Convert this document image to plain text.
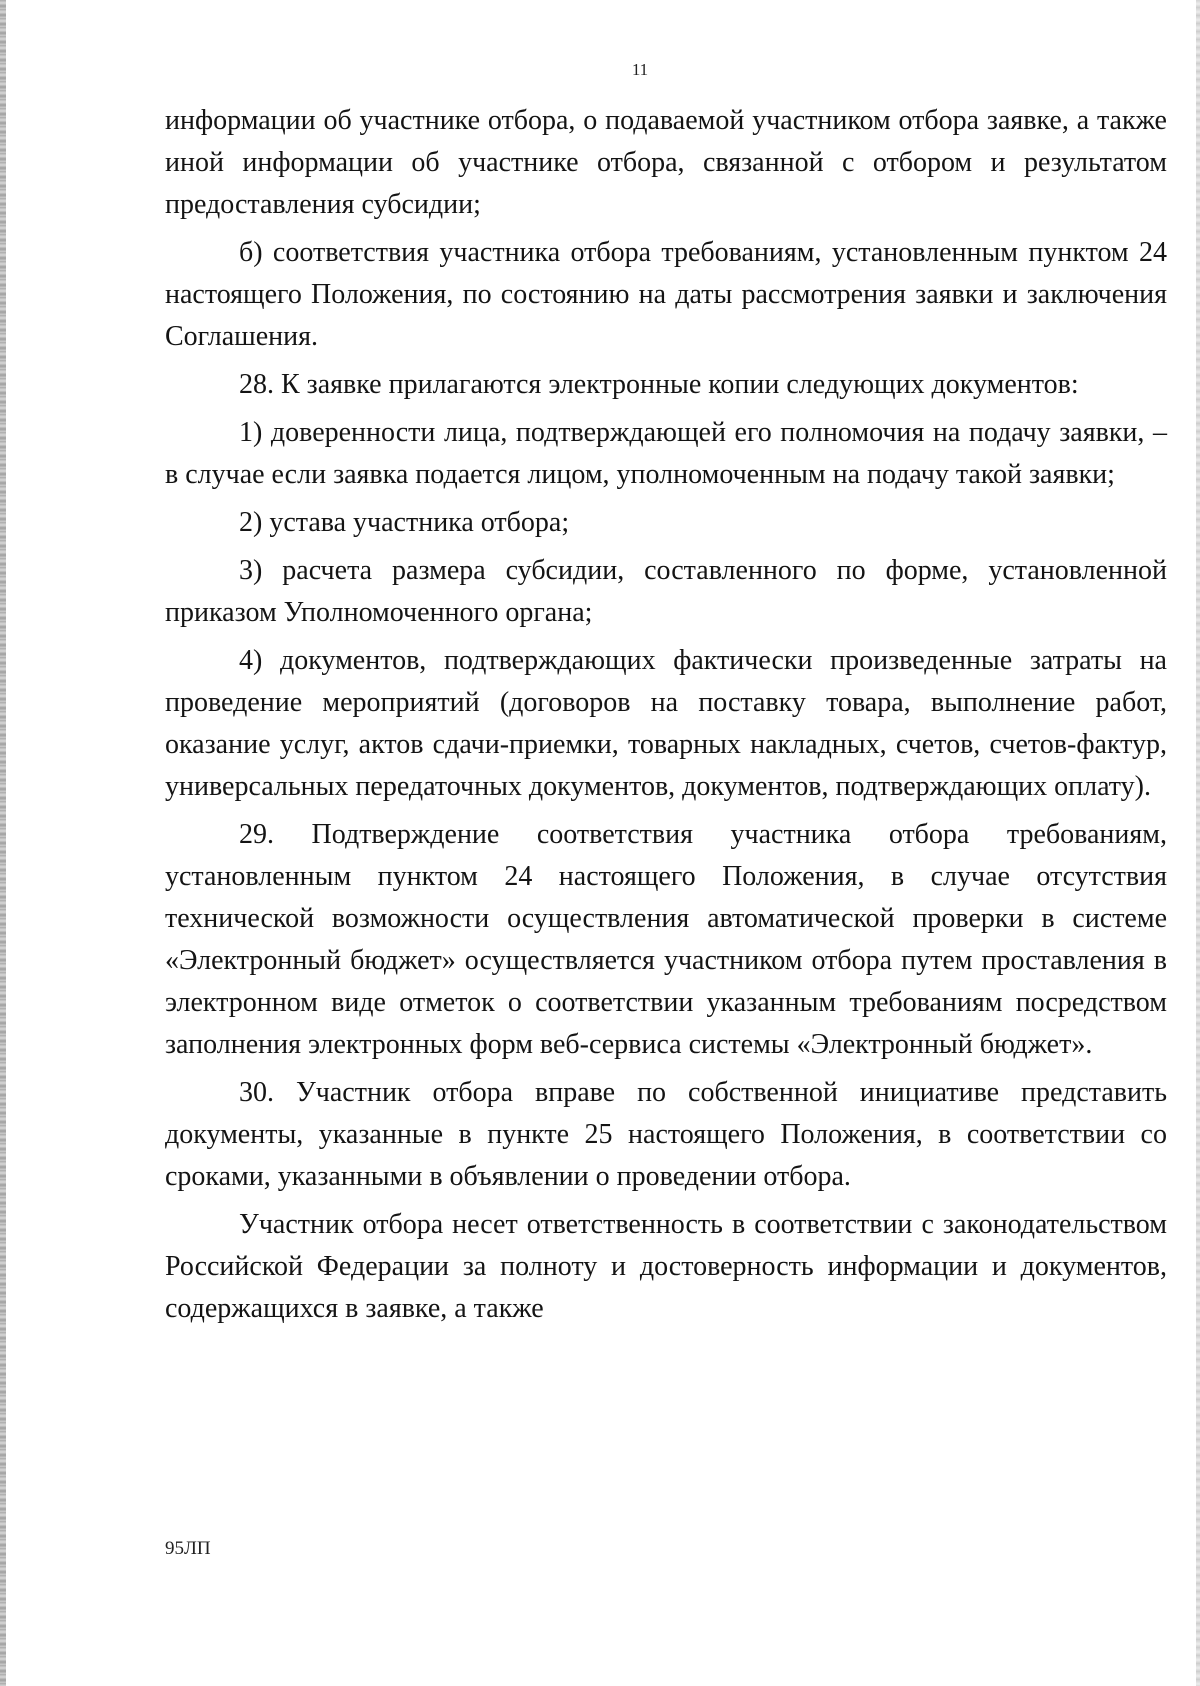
11

информации об участнике отбора, о подаваемой участником отбора заявке, а также иной информации об участнике отбора, связанной с отбором и результатом предоставления субсидии;

б) соответствия участника отбора требованиям, установленным пунктом 24 настоящего Положения, по состоянию на даты рассмотрения заявки и заключения Соглашения.

28. К заявке прилагаются электронные копии следующих документов:

1) доверенности лица, подтверждающей его полномочия на подачу заявки, – в случае если заявка подается лицом, уполномоченным на подачу такой заявки;

2) устава участника отбора;

3) расчета размера субсидии, составленного по форме, установленной приказом Уполномоченного органа;

4) документов, подтверждающих фактически произведенные затраты на проведение мероприятий (договоров на поставку товара, выполнение работ, оказание услуг, актов сдачи-приемки, товарных накладных, счетов, счетов-фактур, универсальных передаточных документов, документов, подтверждающих оплату).

29. Подтверждение соответствия участника отбора требованиям, установленным пунктом 24 настоящего Положения, в случае отсутствия технической возможности осуществления автоматической проверки в системе «Электронный бюджет» осуществляется участником отбора путем проставления в электронном виде отметок о соответствии указанным требованиям посредством заполнения электронных форм веб-сервиса системы «Электронный бюджет».

30. Участник отбора вправе по собственной инициативе представить документы, указанные в пункте 25 настоящего Положения, в соответствии со сроками, указанными в объявлении о проведении отбора.

Участник отбора несет ответственность в соответствии с законодательством Российской Федерации за полноту и достоверность информации и документов, содержащихся в заявке, а также

95ЛП
